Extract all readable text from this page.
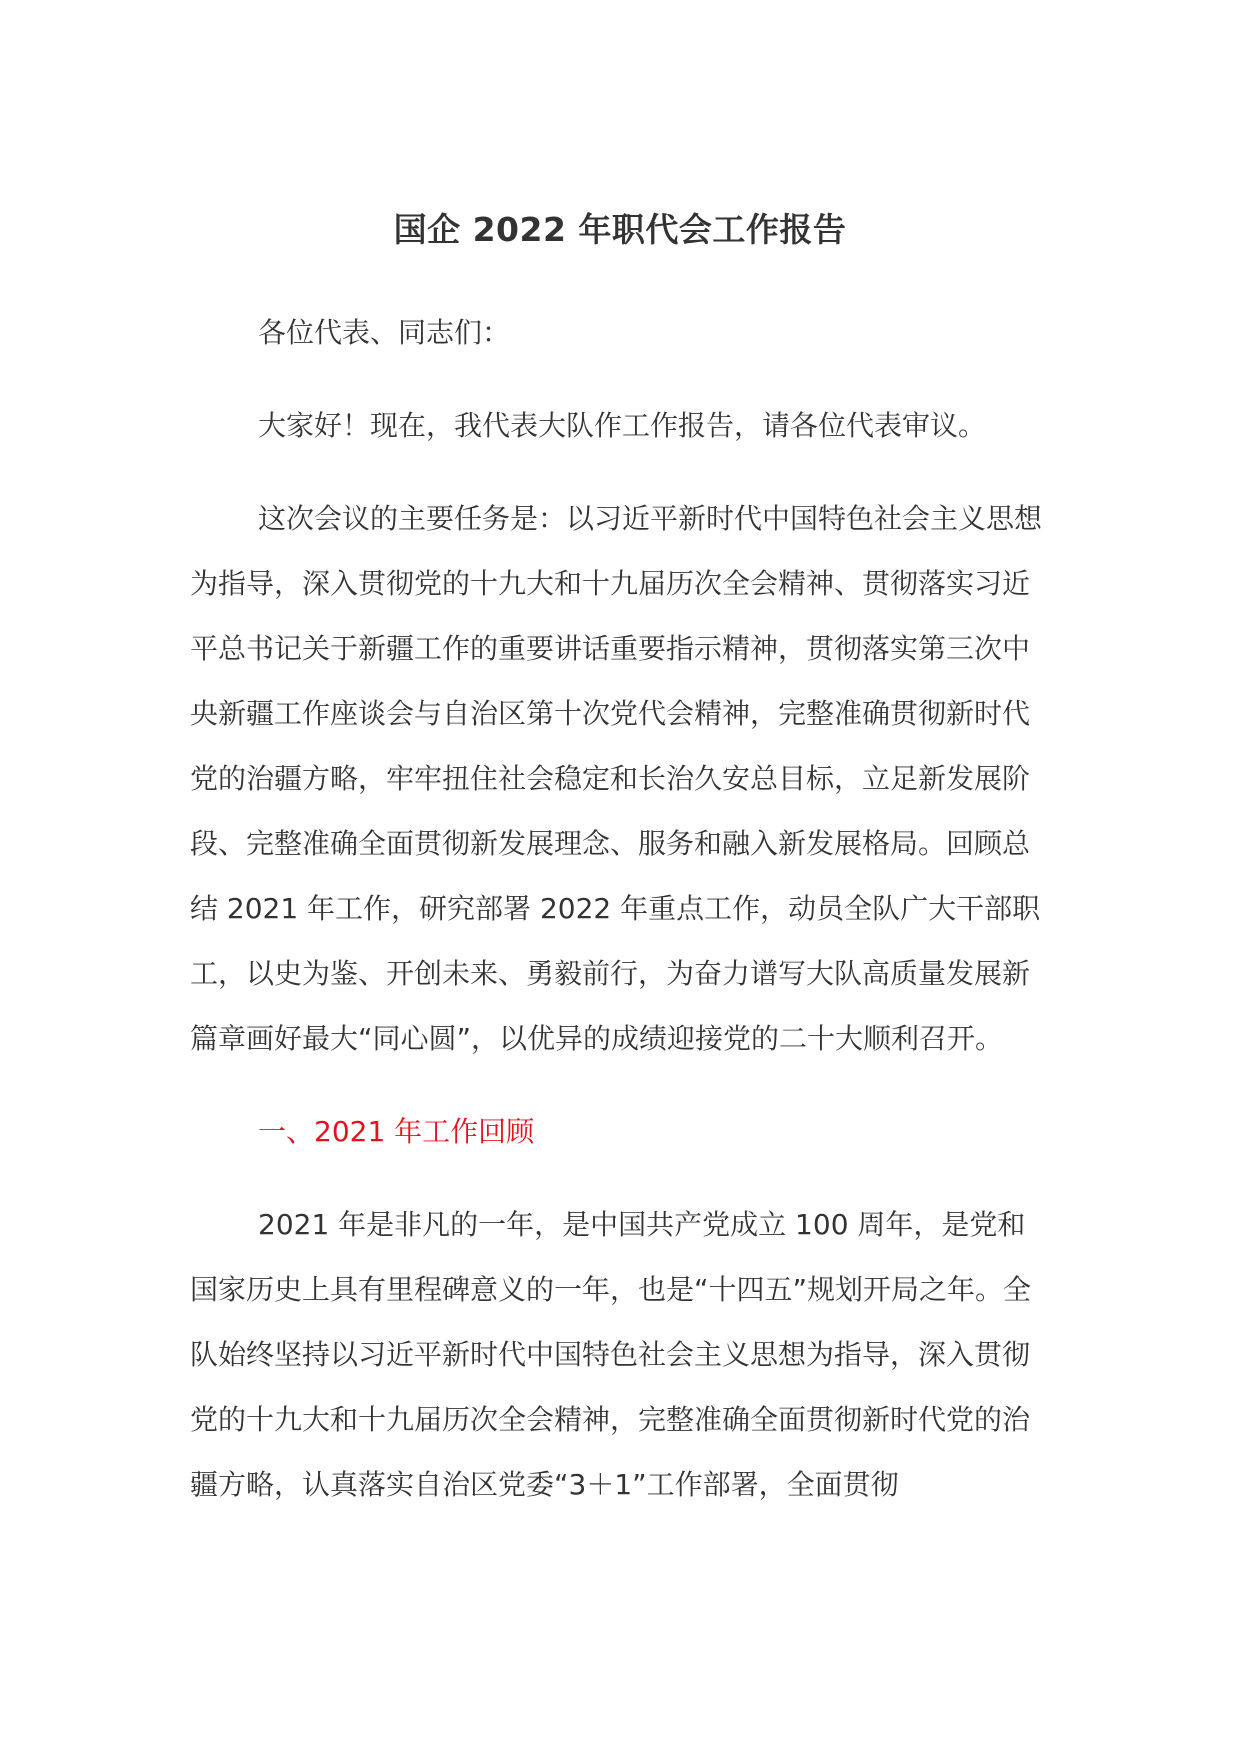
国企 2022 年职代会工作报告

各位代表、同志们：

大家好！现在，我代表大队作工作报告，请各位代表审议。

这次会议的主要任务是：以习近平新时代中国特色社会主义思想为指导，深入贯彻党的十九大和十九届历次全会精神、贯彻落实习近平总书记关于新疆工作的重要讲话重要指示精神，贯彻落实第三次中央新疆工作座谈会与自治区第十次党代会精神，完整准确贯彻新时代党的治疆方略，牢牢扭住社会稳定和长治久安总目标，立足新发展阶段、完整准确全面贯彻新发展理念、服务和融入新发展格局。回顾总结 2021 年工作，研究部署 2022 年重点工作，动员全队广大干部职工，以史为鉴、开创未来、勇毅前行，为奋力谱写大队高质量发展新篇章画好最大“同心圆”，以优异的成绩迎接党的二十大顺利召开。

一、2021 年工作回顾

2021 年是非凡的一年，是中国共产党成立 100 周年，是党和国家历史上具有里程碑意义的一年，也是“十四五”规划开局之年。全队始终坚持以习近平新时代中国特色社会主义思想为指导，深入贯彻党的十九大和十九届历次全会精神，完整准确全面贯彻新时代党的治疆方略，认真落实自治区党委“3＋1”工作部署，全面贯彻
